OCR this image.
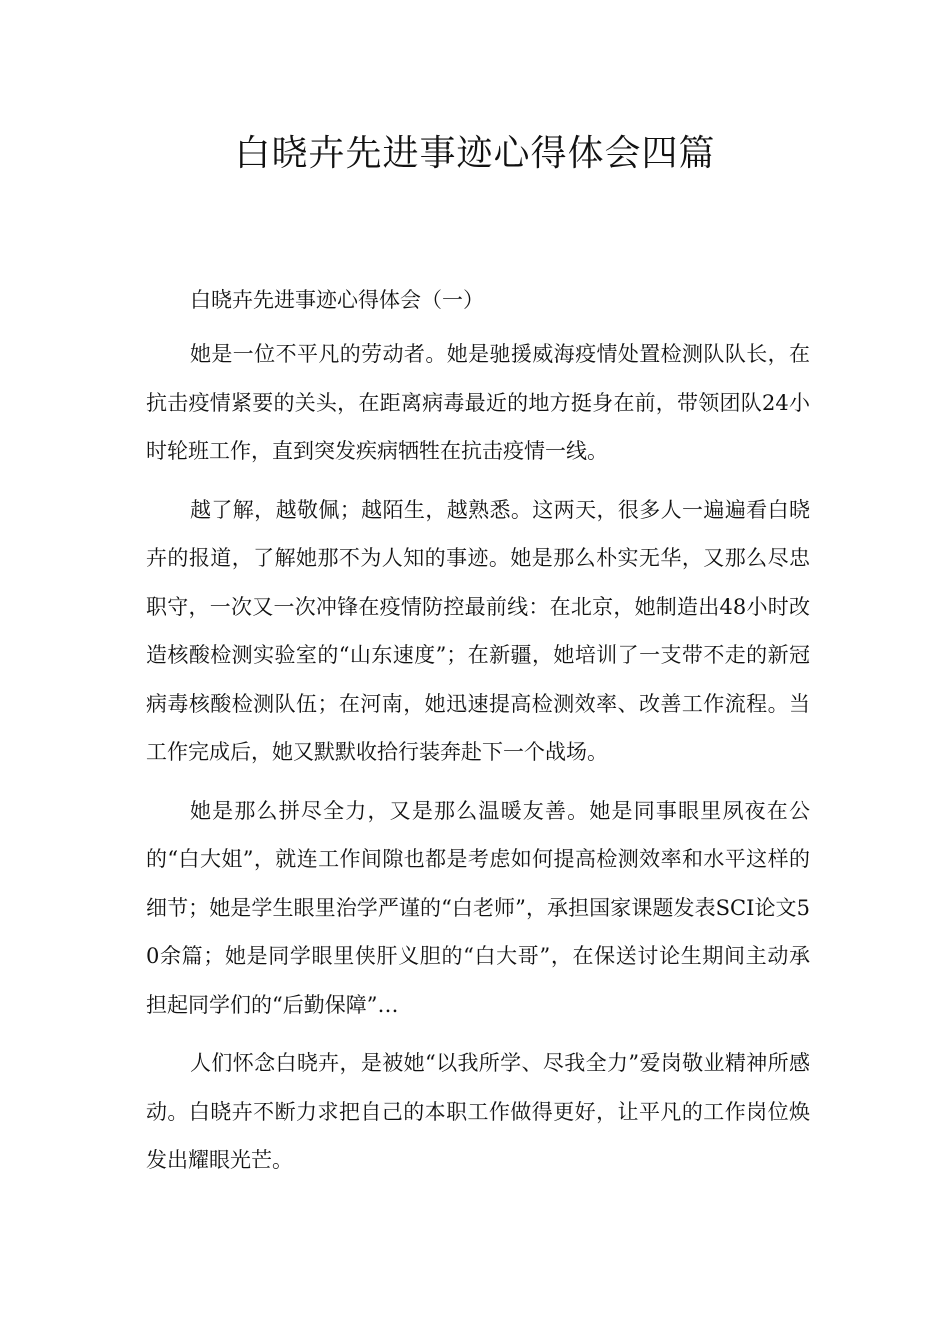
白晓卉先进事迹心得体会四篇

白晓卉先进事迹心得体会（一）

她是一位不平凡的劳动者。她是驰援威海疫情处置检测队队长，在抗击疫情紧要的关头，在距离病毒最近的地方挺身在前，带领团队24小时轮班工作，直到突发疾病牺牲在抗击疫情一线。

越了解，越敬佩；越陌生，越熟悉。这两天，很多人一遍遍看白晓卉的报道，了解她那不为人知的事迹。她是那么朴实无华，又那么尽忠职守，一次又一次冲锋在疫情防控最前线：在北京，她制造出48小时改造核酸检测实验室的“山东速度”；在新疆，她培训了一支带不走的新冠病毒核酸检测队伍；在河南，她迅速提高检测效率、改善工作流程。当工作完成后，她又默默收拾行装奔赴下一个战场。

她是那么拼尽全力，又是那么温暖友善。她是同事眼里夙夜在公的“白大姐”，就连工作间隙也都是考虑如何提高检测效率和水平这样的细节；她是学生眼里治学严谨的“白老师”，承担国家课题发表SCI论文50余篇；她是同学眼里侠肝义胆的“白大哥”，在保送讨论生期间主动承担起同学们的“后勤保障”…

人们怀念白晓卉，是被她“以我所学、尽我全力”爱岗敬业精神所感动。白晓卉不断力求把自己的本职工作做得更好，让平凡的工作岗位焕发出耀眼光芒。
